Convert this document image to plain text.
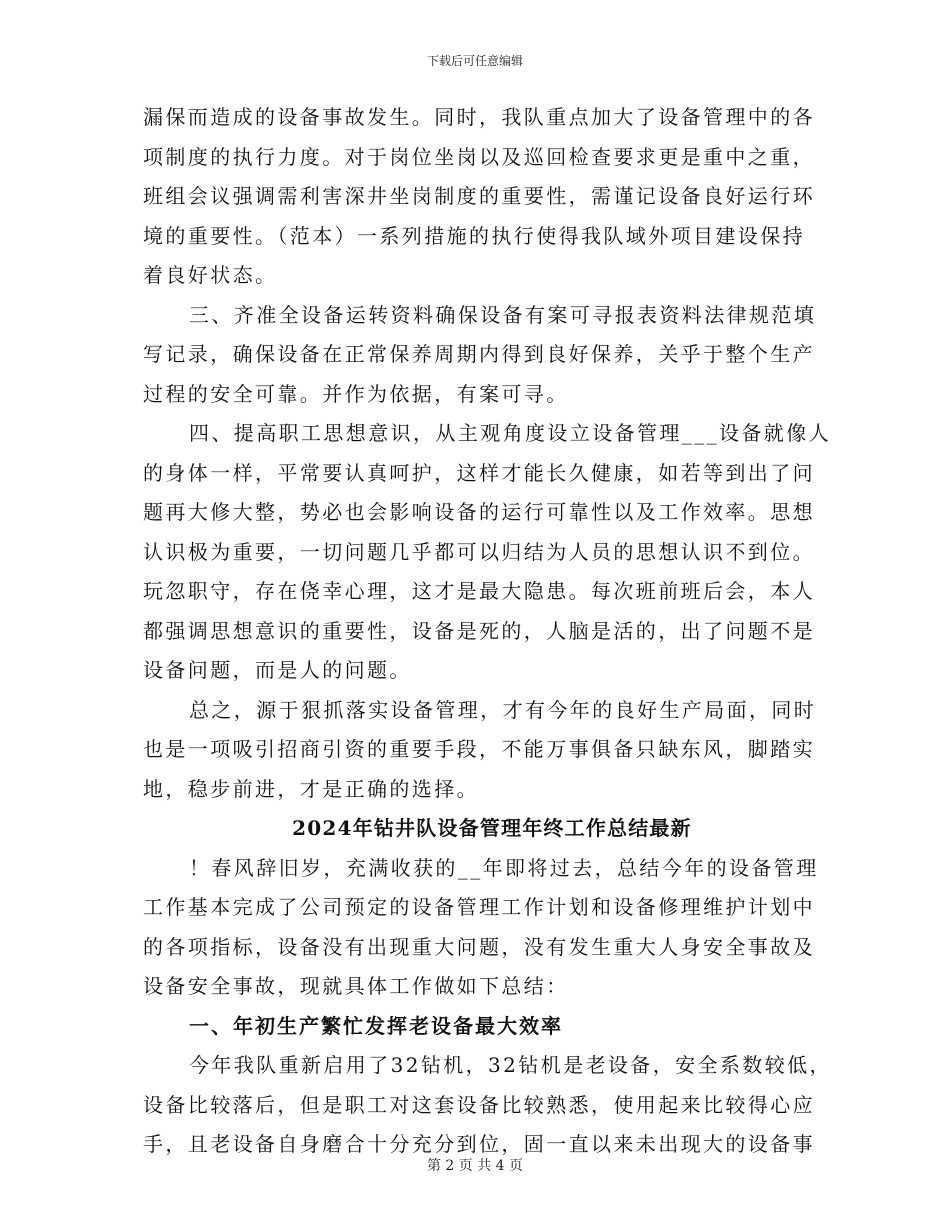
下载后可任意编辑
漏保而造成的设备事故发生。同时，我队重点加大了设备管理中的各
项制度的执行力度。对于岗位坐岗以及巡回检查要求更是重中之重，
班组会议强调需利害深井坐岗制度的重要性，需谨记设备良好运行环
境的重要性。（范本）一系列措施的执行使得我队域外项目建设保持
着良好状态。
三、齐准全设备运转资料确保设备有案可寻报表资料法律规范填
写记录，确保设备在正常保养周期内得到良好保养，关乎于整个生产
过程的安全可靠。并作为依据，有案可寻。
四、提高职工思想意识，从主观角度设立设备管理___设备就像人
的身体一样，平常要认真呵护，这样才能长久健康，如若等到出了问
题再大修大整，势必也会影响设备的运行可靠性以及工作效率。思想
认识极为重要，一切问题几乎都可以归结为人员的思想认识不到位。
玩忽职守，存在侥幸心理，这才是最大隐患。每次班前班后会，本人
都强调思想意识的重要性，设备是死的，人脑是活的，出了问题不是
设备问题，而是人的问题。
总之，源于狠抓落实设备管理，才有今年的良好生产局面，同时
也是一项吸引招商引资的重要手段，不能万事俱备只缺东风，脚踏实
地，稳步前进，才是正确的选择。
2024年钻井队设备管理年终工作总结最新
！春风辞旧岁，充满收获的__年即将过去，总结今年的设备管理
工作基本完成了公司预定的设备管理工作计划和设备修理维护计划中
的各项指标，设备没有出现重大问题，没有发生重大人身安全事故及
设备安全事故，现就具体工作做如下总结：
一、年初生产繁忙发挥老设备最大效率
今年我队重新启用了32钻机，32钻机是老设备，安全系数较低，
设备比较落后，但是职工对这套设备比较熟悉，使用起来比较得心应
手，且老设备自身磨合十分充分到位，固一直以来未出现大的设备事
第 2 页 共 4 页
